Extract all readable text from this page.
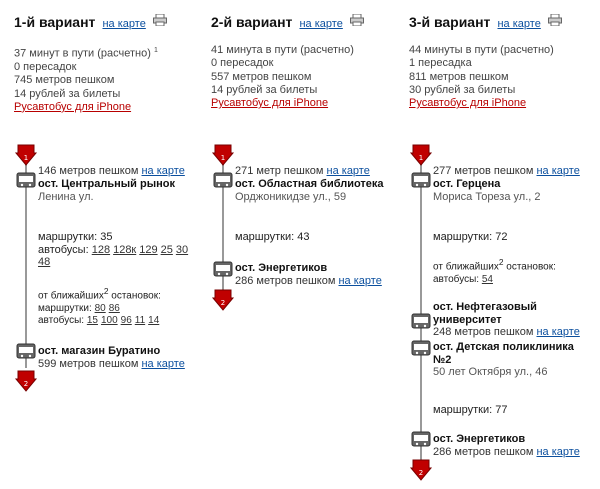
1-й вариант на карте
37 минут в пути (расчетно) $^1$
0 пересадок
745 метров пешком
14 рублей за билеты
Русавтобус для iPhone
1
2
146 метров пешком на карте
ост. Центральный рынок
Ленина ул.
маршрутки: 35
автобусы: 128 128к 129 25 30
48
от ближайших$^2$ остановок:
маршрутки: 80 86
автобусы: 15 100 96 11 14
ост. магазин Буратино
599 метров пешком на карте
2-й вариант на карте
41 минута в пути (расчетно)
0 пересадок
557 метров пешком
14 рублей за билеты
Русавтобус для iPhone
1
2
271 метр пешком на карте
ост. Областная библиотека
Орджоникидзе ул., 59
маршрутки: 43
ост. Энергетиков
286 метров пешком на карте
3-й вариант на карте
44 минуты в пути (расчетно)
1 пересадка
811 метров пешком
30 рублей за билеты
Русавтобус для iPhone
1
2
277 метров пешком на карте
ост. Герцена
Мориса Тореза ул., 2
маршрутки: 72
от ближайших$^2$ остановок:
автобусы: 54
ост. Нефтегазовый
университет
248 метров пешком на карте
ост. Детская поликлиника
№2
50 лет Октября ул., 46
маршрутки: 77
ост. Энергетиков
286 метров пешком на карте
